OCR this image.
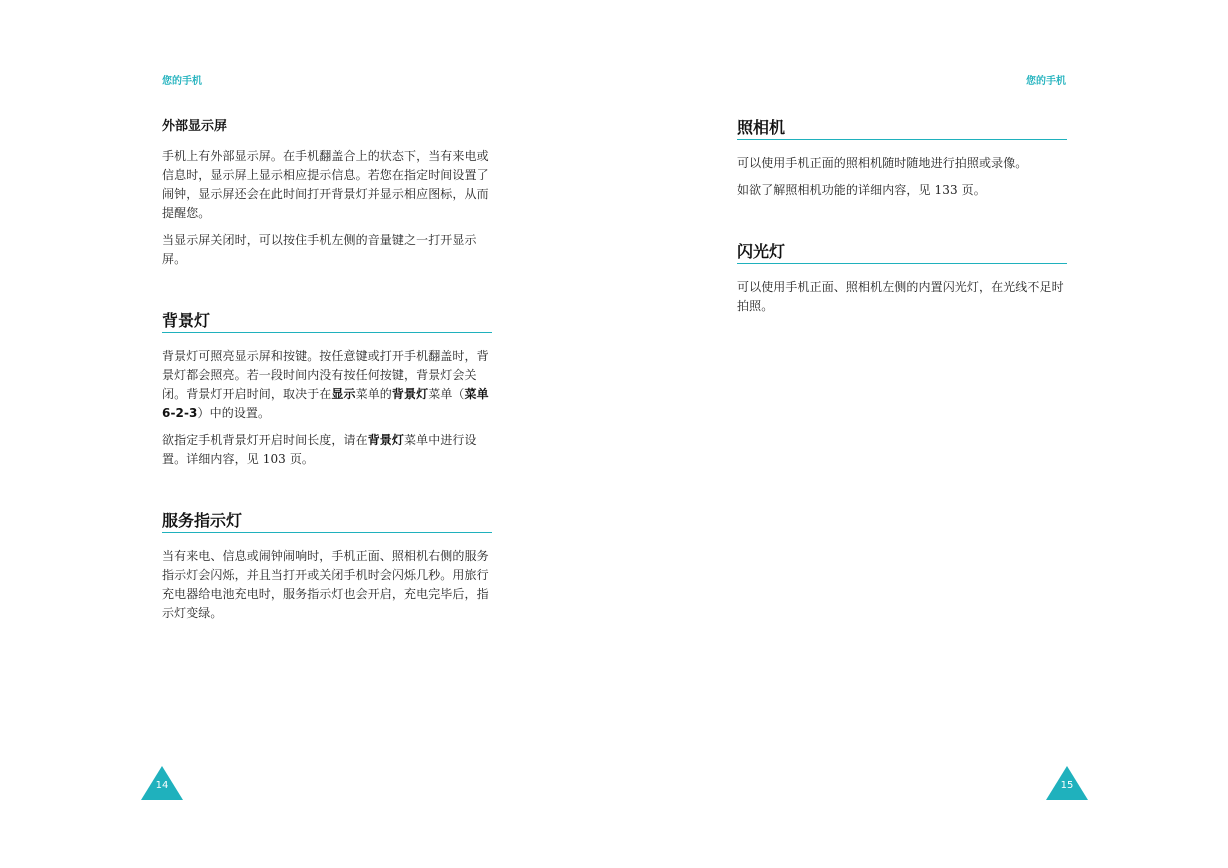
您的手机
外部显示屏

手机上有外部显示屏。在手机翻盖合上的状态下，当有来电或信息时，显示屏上显示相应提示信息。若您在指定时间设置了闹钟，显示屏还会在此时间打开背景灯并显示相应图标，从而提醒您。

当显示屏关闭时，可以按住手机左侧的音量键之一打开显示屏。

背景灯

背景灯可照亮显示屏和按键。按任意键或打开手机翻盖时，背景灯都会照亮。若一段时间内没有按任何按键，背景灯会关闭。背景灯开启时间，取决于在显示菜单的背景灯菜单（菜单 6-2-3）中的设置。

欲指定手机背景灯开启时间长度，请在背景灯菜单中进行设置。详细内容，见 103 页。

服务指示灯

当有来电、信息或闹钟闹响时，手机正面、照相机右侧的服务指示灯会闪烁，并且当打开或关闭手机时会闪烁几秒。用旅行充电器给电池充电时，服务指示灯也会开启，充电完毕后，指示灯变绿。

14
您的手机
照相机

可以使用手机正面的照相机随时随地进行拍照或录像。

如欲了解照相机功能的详细内容，见 133 页。

闪光灯

可以使用手机正面、照相机左侧的内置闪光灯，在光线不足时拍照。

15
